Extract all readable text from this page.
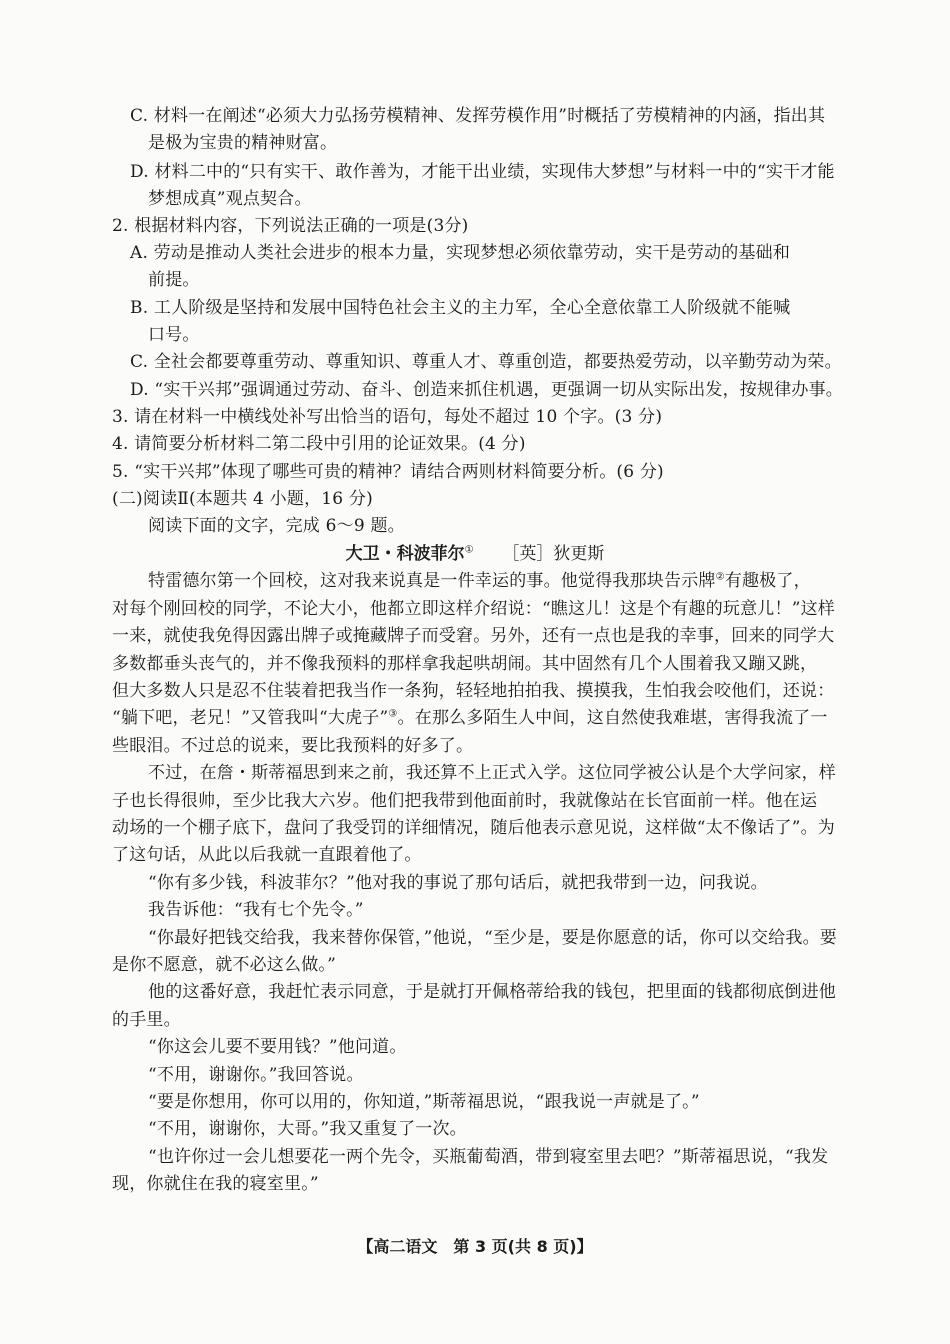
C. 材料一在阐述“必须大力弘扬劳模精神、发挥劳模作用”时概括了劳模精神的内涵，指出其
是极为宝贵的精神财富。
D. 材料二中的“只有实干、敢作善为，才能干出业绩，实现伟大梦想”与材料一中的“实干才能
梦想成真”观点契合。
2. 根据材料内容，下列说法正确的一项是(3分)
A. 劳动是推动人类社会进步的根本力量，实现梦想必须依靠劳动，实干是劳动的基础和
前提。
B. 工人阶级是坚持和发展中国特色社会主义的主力军，全心全意依靠工人阶级就不能喊
口号。
C. 全社会都要尊重劳动、尊重知识、尊重人才、尊重创造，都要热爱劳动，以辛勤劳动为荣。
D. “实干兴邦”强调通过劳动、奋斗、创造来抓住机遇，更强调一切从实际出发，按规律办事。
3. 请在材料一中横线处补写出恰当的语句，每处不超过 10 个字。(3 分)
4. 请简要分析材料二第二段中引用的论证效果。(4 分)
5. “实干兴邦”体现了哪些可贵的精神？请结合两则材料简要分析。(6 分)
(二)阅读Ⅱ(本题共 4 小题，16 分)
阅读下面的文字，完成 6～9 题。
大卫・科波菲尔① ［英］狄更斯
特雷德尔第一个回校，这对我来说真是一件幸运的事。他觉得我那块告示牌②有趣极了，
对每个刚回校的同学，不论大小，他都立即这样介绍说：“瞧这儿！这是个有趣的玩意儿！”这样
一来，就使我免得因露出牌子或掩藏牌子而受窘。另外，还有一点也是我的幸事，回来的同学大
多数都垂头丧气的，并不像我预料的那样拿我起哄胡闹。其中固然有几个人围着我又蹦又跳，
但大多数人只是忍不住装着把我当作一条狗，轻轻地拍拍我、摸摸我，生怕我会咬他们，还说：
“躺下吧，老兄！”又管我叫“大虎子”③。在那么多陌生人中间，这自然使我难堪，害得我流了一
些眼泪。不过总的说来，要比我预料的好多了。
不过，在詹・斯蒂福思到来之前，我还算不上正式入学。这位同学被公认是个大学问家，样
子也长得很帅，至少比我大六岁。他们把我带到他面前时，我就像站在长官面前一样。他在运
动场的一个棚子底下，盘问了我受罚的详细情况，随后他表示意见说，这样做“太不像话了”。为
了这句话，从此以后我就一直跟着他了。
“你有多少钱，科波菲尔？”他对我的事说了那句话后，就把我带到一边，问我说。
我告诉他：“我有七个先令。”
“你最好把钱交给我，我来替你保管，”他说，“至少是，要是你愿意的话，你可以交给我。要
是你不愿意，就不必这么做。”
他的这番好意，我赶忙表示同意，于是就打开佩格蒂给我的钱包，把里面的钱都彻底倒进他
的手里。
“你这会儿要不要用钱？”他问道。
“不用，谢谢你。”我回答说。
“要是你想用，你可以用的，你知道，”斯蒂福思说，“跟我说一声就是了。”
“不用，谢谢你，大哥。”我又重复了一次。
“也许你过一会儿想要花一两个先令，买瓶葡萄酒，带到寝室里去吧？”斯蒂福思说，“我发
现，你就住在我的寝室里。”
【高二语文　第 3 页(共 8 页)】
